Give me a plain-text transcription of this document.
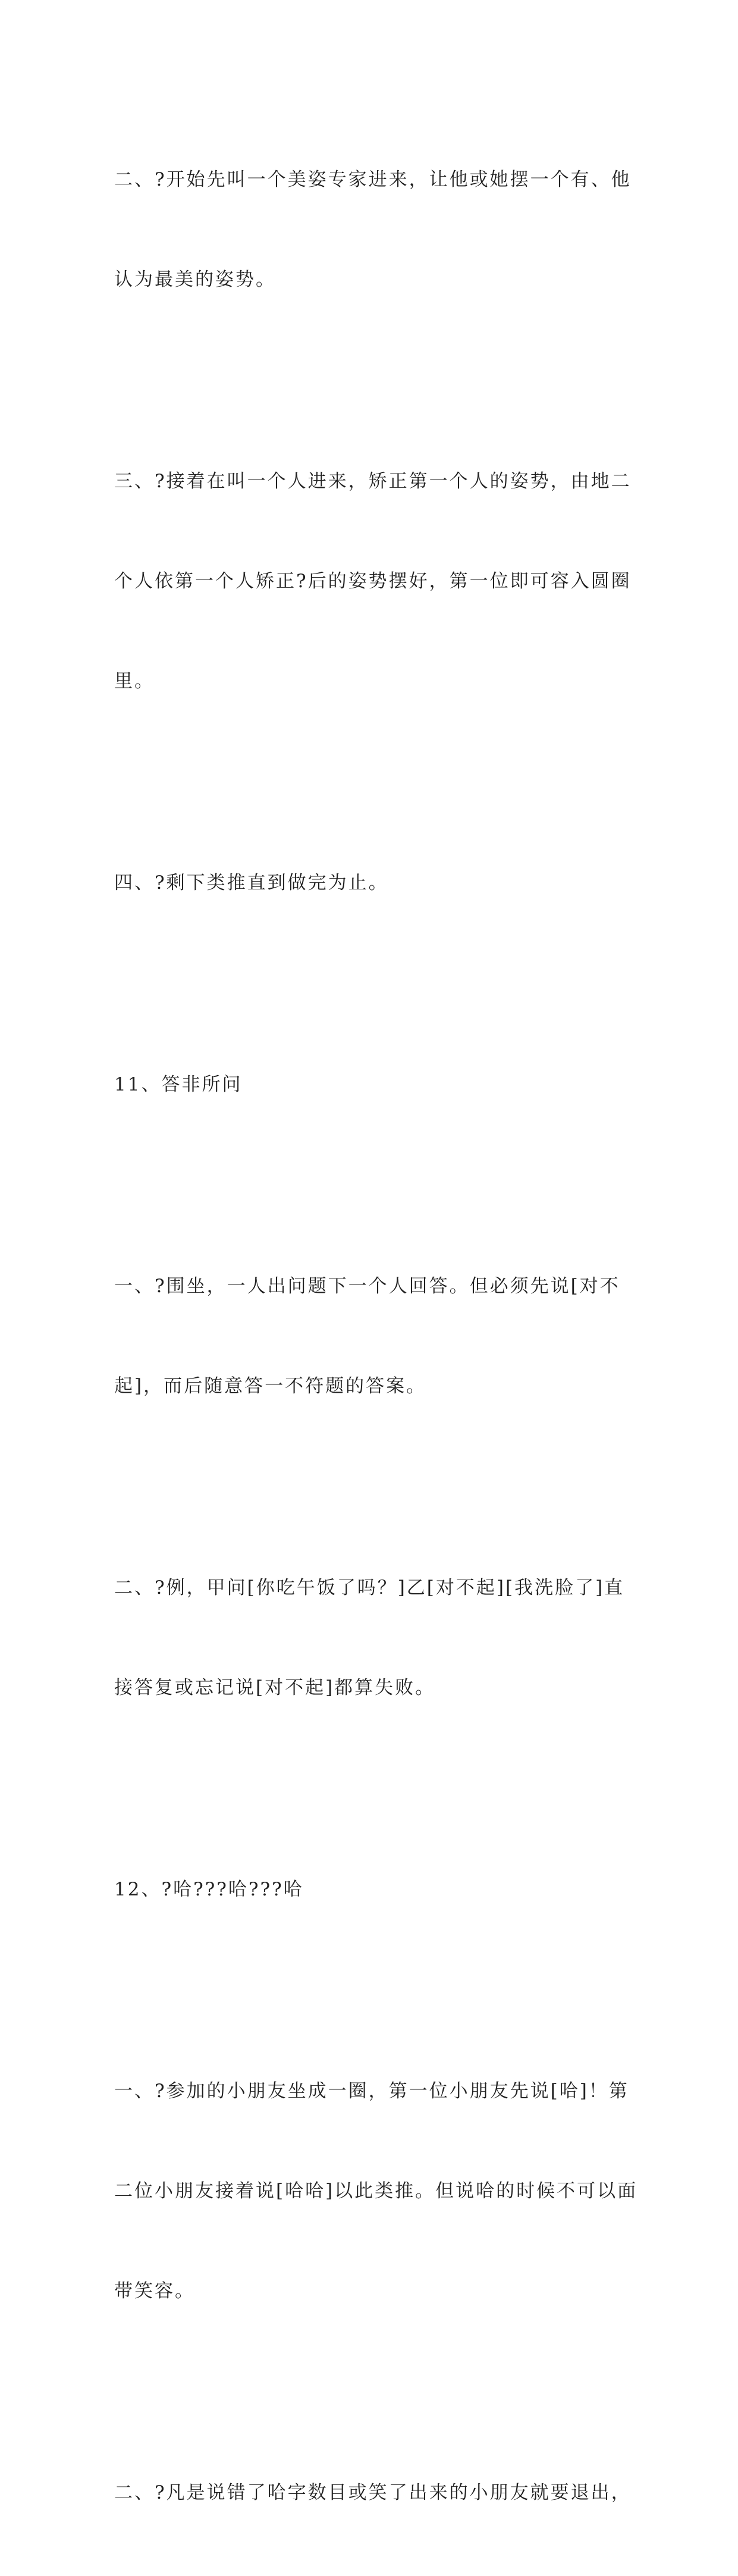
二、?开始先叫一个美姿专家进来，让他或她摆一个有、他

认为最美的姿势。

三、?接着在叫一个人进来，矫正第一个人的姿势，由地二

个人依第一个人矫正?后的姿势摆好，第一位即可容入圆圈

里。

四、?剩下类推直到做完为止。

11、答非所问

一、?围坐，一人出问题下一个人回答。但必须先说[对不

起]，而后随意答一不符题的答案。

二、?例，甲问[你吃午饭了吗？]乙[对不起][我洗脸了]直

接答复或忘记说[对不起]都算失败。

12、?哈???哈???哈

一、?参加的小朋友坐成一圈，第一位小朋友先说[哈]！第

二位小朋友接着说[哈哈]以此类推。但说哈的时候不可以面

带笑容。

二、?凡是说错了哈字数目或笑了出来的小朋友就要退出，
